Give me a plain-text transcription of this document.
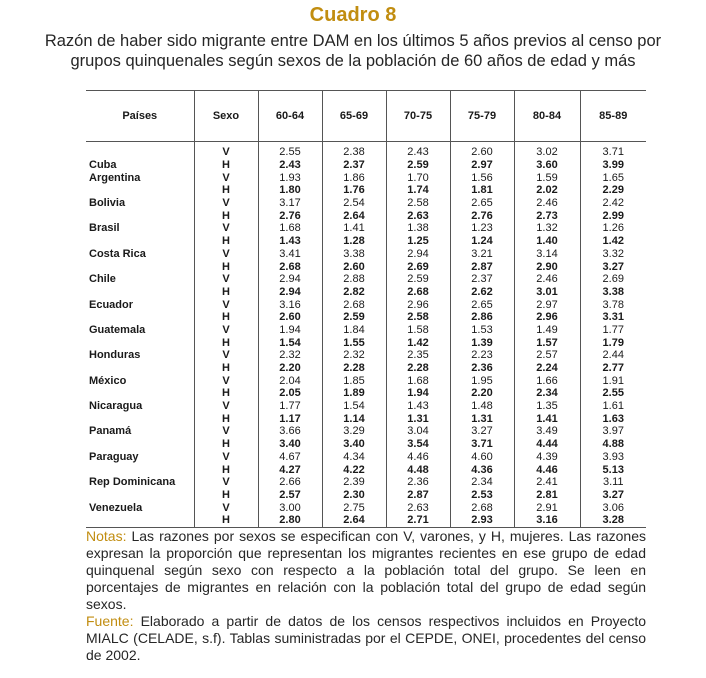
Cuadro 8
Razón de haber sido migrante entre DAM en los últimos 5 años previos al censo por
grupos quinquenales según sexos de la población de 60 años de edad y más
Países	Sexo	60-64	65-69	70-75	75-79	80-84	85-89
	V	2.55	2.38	2.43	2.60	3.02	3.71
Cuba	H	2.43	2.37	2.59	2.97	3.60	3.99
Argentina	V	1.93	1.86	1.70	1.56	1.59	1.65
	H	1.80	1.76	1.74	1.81	2.02	2.29
Bolivia	V	3.17	2.54	2.58	2.65	2.46	2.42
	H	2.76	2.64	2.63	2.76	2.73	2.99
Brasil	V	1.68	1.41	1.38	1.23	1.32	1.26
	H	1.43	1.28	1.25	1.24	1.40	1.42
Costa Rica	V	3.41	3.38	2.94	3.21	3.14	3.32
	H	2.68	2.60	2.69	2.87	2.90	3.27
Chile	V	2.94	2.88	2.59	2.37	2.46	2.69
	H	2.94	2.82	2.68	2.62	3.01	3.38
Ecuador	V	3.16	2.68	2.96	2.65	2.97	3.78
	H	2.60	2.59	2.58	2.86	2.96	3.31
Guatemala	V	1.94	1.84	1.58	1.53	1.49	1.77
	H	1.54	1.55	1.42	1.39	1.57	1.79
Honduras	V	2.32	2.32	2.35	2.23	2.57	2.44
	H	2.20	2.28	2.28	2.36	2.24	2.77
México	V	2.04	1.85	1.68	1.95	1.66	1.91
	H	2.05	1.89	1.94	2.20	2.34	2.55
Nicaragua	V	1.77	1.54	1.43	1.48	1.35	1.61
	H	1.17	1.14	1.31	1.31	1.41	1.63
Panamá	V	3.66	3.29	3.04	3.27	3.49	3.97
	H	3.40	3.40	3.54	3.71	4.44	4.88
Paraguay	V	4.67	4.34	4.46	4.60	4.39	3.93
	H	4.27	4.22	4.48	4.36	4.46	5.13
Rep Dominicana	V	2.66	2.39	2.36	2.34	2.41	3.11
	H	2.57	2.30	2.87	2.53	2.81	3.27
Venezuela	V	3.00	2.75	2.63	2.68	2.91	3.06
	H	2.80	2.64	2.71	2.93	3.16	3.28

Notas: Las razones por sexos se especifican con V, varones, y H, mujeres. Las razones expresan la proporción que representan los migrantes recientes en ese grupo de edad quinquenal según sexo con respecto a la población total del grupo. Se leen en porcentajes de migrantes en relación con la población total del grupo de edad según sexos.

Fuente: Elaborado a partir de datos de los censos respectivos incluidos en Proyecto MIALC (CELADE, s.f). Tablas suministradas por el CEPDE, ONEI, procedentes del censo de 2002.
